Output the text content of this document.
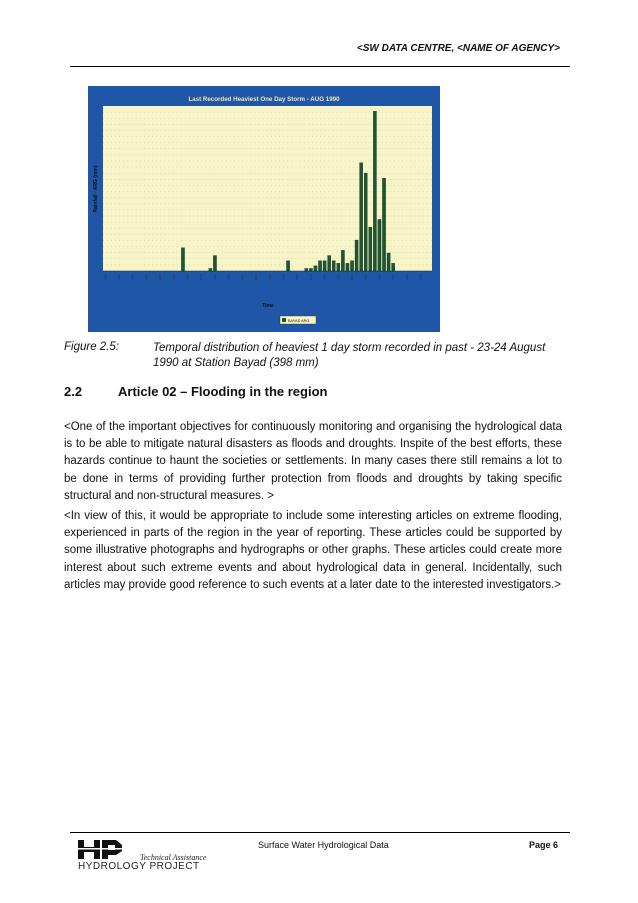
<SW DATA CENTRE, <NAME OF AGENCY>
00:00	03:00	06:00	09:00	12:00	15:00	18:00	21:00	00:00	03:00	06:00	09:00	12:00	15:00	18:00	21:00	00:00	03:00	06:00	09:00	12:00	15:00	18:00	21:00
Last Recorded Heaviest One Day Storm - AUG 1990
Rainfall - ARG (mm)
Time
BAYAD ARG
Figure 2.5:	Temporal distribution of heaviest 1 day storm recorded in past - 23-24 August 1990 at Station Bayad (398 mm)
2.2	Article 02 – Flooding in the region

<One of the important objectives for continuously monitoring and organising the hydrological data is to be able to mitigate natural disasters as floods and droughts. Inspite of the best efforts, these hazards continue to haunt the societies or settlements. In many cases there still remains a lot to be done in terms of providing further protection from floods and droughts by taking specific structural and non-structural measures. >

<In view of this, it would be appropriate to include some interesting articles on extreme flooding, experienced in parts of the region in the year of reporting. These articles could be supported by some illustrative photographs and hydrographs or other graphs. These articles could create more interest about such extreme events and about hydrological data in general. Incidentally, such articles may provide good reference to such events at a later date to the interested investigators.>

Technical Assistance
HYDROLOGY PROJECT
Surface Water Hydrological Data	Page 6
